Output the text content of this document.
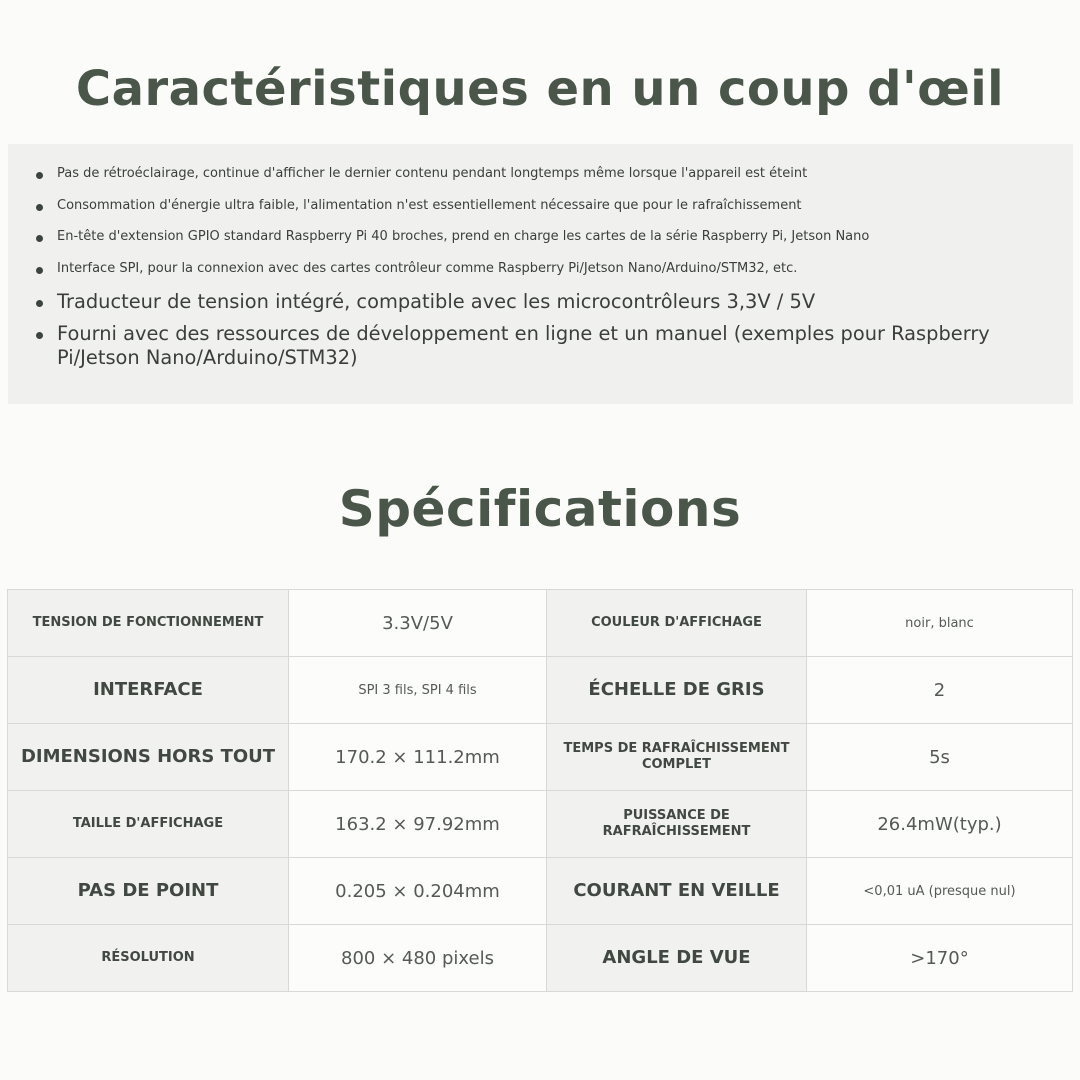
Caractéristiques en un coup d'œil
Pas de rétroéclairage, continue d'afficher le dernier contenu pendant longtemps même lorsque l'appareil est éteint
Consommation d'énergie ultra faible, l'alimentation n'est essentiellement nécessaire que pour le rafraîchissement
En-tête d'extension GPIO standard Raspberry Pi 40 broches, prend en charge les cartes de la série Raspberry Pi, Jetson Nano
Interface SPI, pour la connexion avec des cartes contrôleur comme Raspberry Pi/Jetson Nano/Arduino/STM32, etc.
Traducteur de tension intégré, compatible avec les microcontrôleurs 3,3V / 5V
Fourni avec des ressources de développement en ligne et un manuel (exemples pour Raspberry Pi/Jetson Nano/Arduino/STM32)
Spécifications
TENSION DE FONCTIONNEMENT	3.3V/5V	COULEUR D'AFFICHAGE	noir, blanc
INTERFACE	SPI 3 fils, SPI 4 fils	ÉCHELLE DE GRIS	2
DIMENSIONS HORS TOUT	170.2 × 111.2mm	TEMPS DE RAFRAÎCHISSEMENT COMPLET	5s
TAILLE D'AFFICHAGE	163.2 × 97.92mm	PUISSANCE DE RAFRAÎCHISSEMENT	26.4mW(typ.)
PAS DE POINT	0.205 × 0.204mm	COURANT EN VEILLE	<0,01 uA (presque nul)
RÉSOLUTION	800 × 480 pixels	ANGLE DE VUE	>170°
